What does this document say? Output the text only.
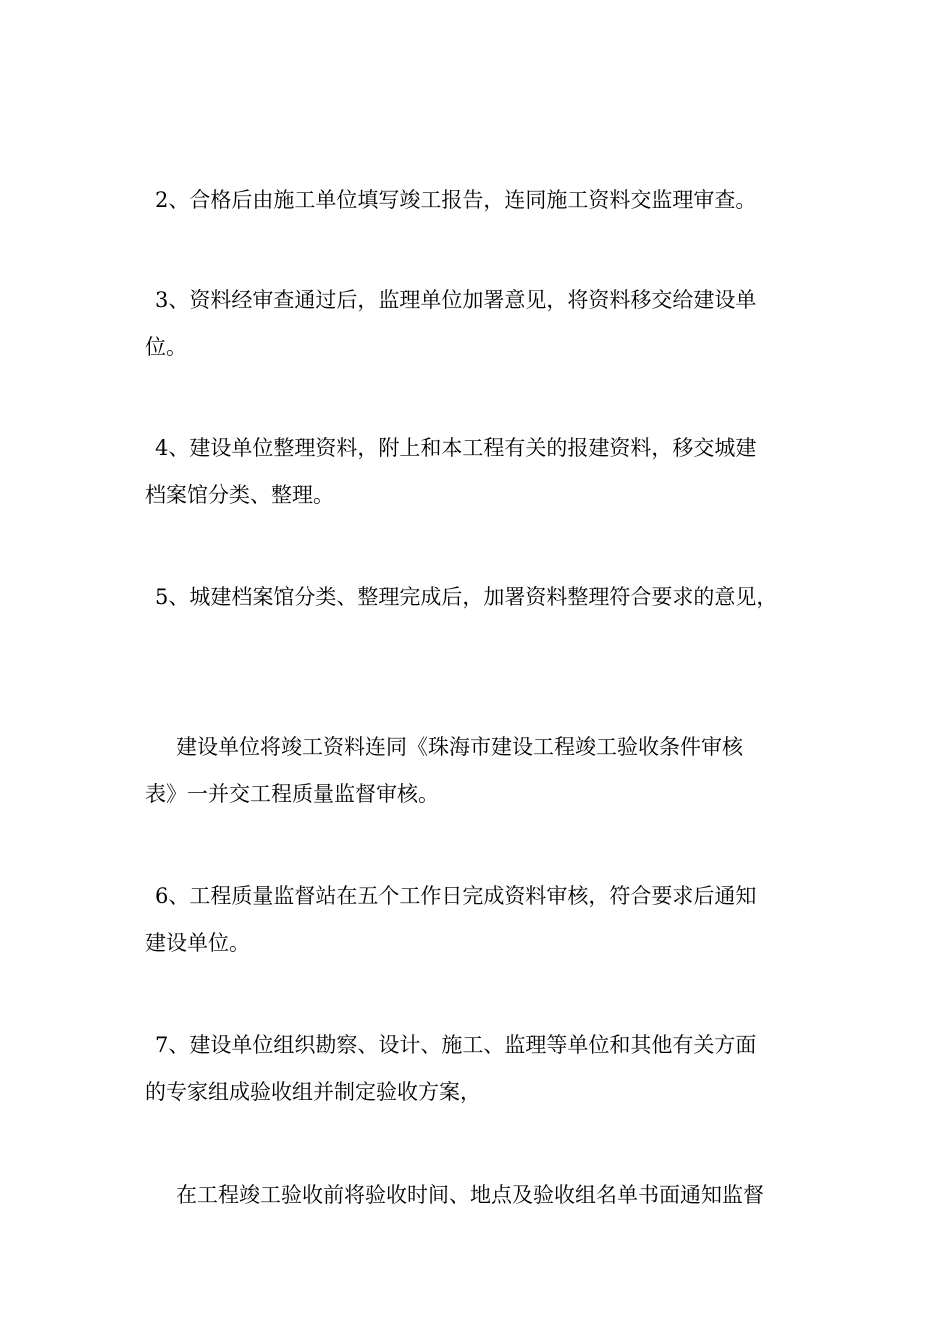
2、合格后由施工单位填写竣工报告，连同施工资料交监理审查。

3、资料经审查通过后，监理单位加署意见，将资料移交给建设单
位。

4、建设单位整理资料，附上和本工程有关的报建资料，移交城建
档案馆分类、整理。

5、城建档案馆分类、整理完成后，加署资料整理符合要求的意见，

建设单位将竣工资料连同《珠海市建设工程竣工验收条件审核
表》一并交工程质量监督审核。

6、工程质量监督站在五个工作日完成资料审核，符合要求后通知
建设单位。

7、建设单位组织勘察、设计、施工、监理等单位和其他有关方面
的专家组成验收组并制定验收方案，

在工程竣工验收前将验收时间、地点及验收组名单书面通知监督
